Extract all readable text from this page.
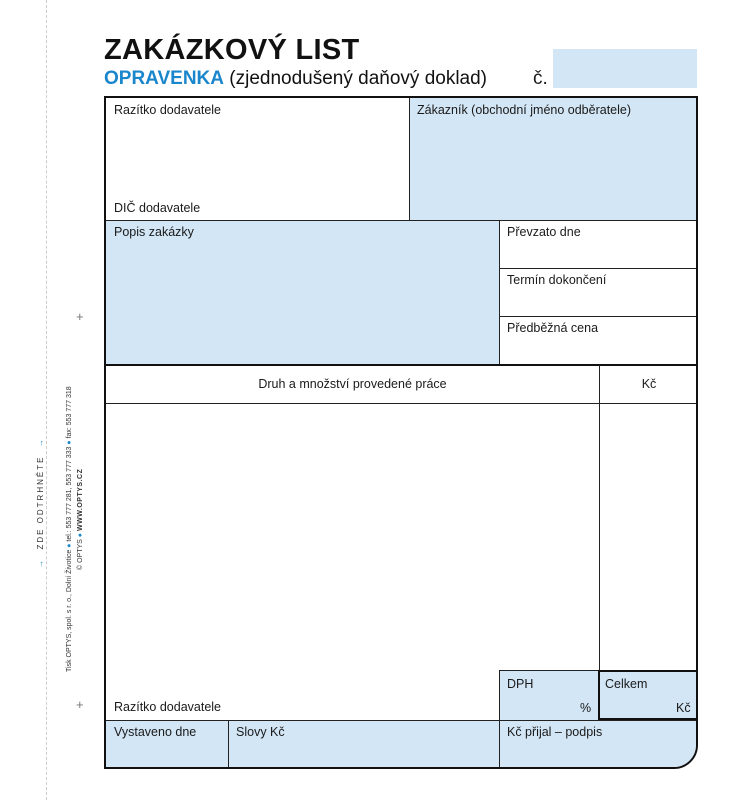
ZAKÁZKOVÝ LIST
OPRAVENKA (zjednodušený daňový doklad) č.
+
+
→  ZDE ODTRHNĚTE  →
Tisk OPTYS, spol. s r. o., Dolní Životice ● tel.: 553 777 281, 553 777 333 ● fax: 553 777 318
© OPTYS ● WWW.OPTYS.CZ
Razítko dodavatele	Zákazník (obchodní jméno odběratele)
DIČ dodavatele
Popis zakázky	Převzato dne
Termín dokončení
Předběžná cena
Druh a množství provedené práce	Kč
Razítko dodavatele
DPH
%
Celkem
Kč
Vystaveno dne	Slovy Kč	Kč přijal – podpis
